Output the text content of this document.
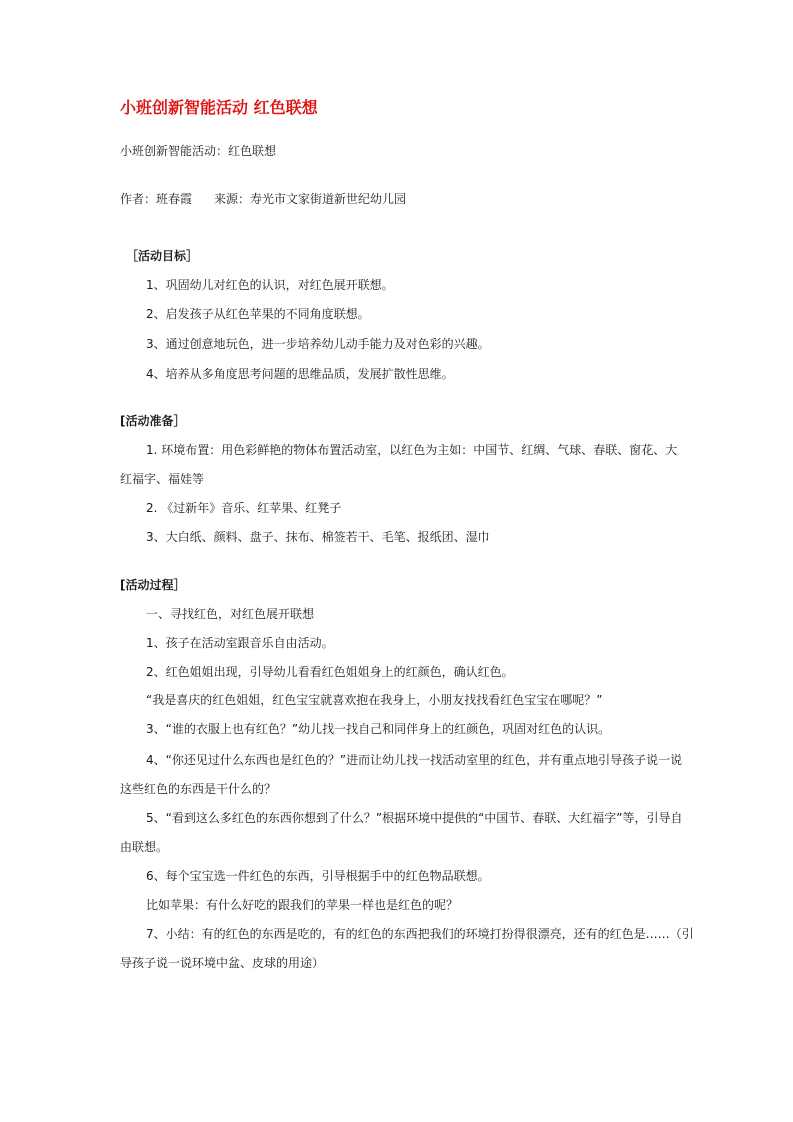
小班创新智能活动 红色联想
小班创新智能活动：红色联想
作者：班春霞 来源：寿光市文家街道新世纪幼儿园
［活动目标］
1、巩固幼儿对红色的认识，对红色展开联想。
2、启发孩子从红色苹果的不同角度联想。
3、通过创意地玩色，进一步培养幼儿动手能力及对色彩的兴趣。
4、培养从多角度思考问题的思维品质，发展扩散性思维。
[活动准备］
1. 环境布置：用色彩鲜艳的物体布置活动室，以红色为主如：中国节、红绸、气球、春联、窗花、大
红福字、福娃等
2. 《过新年》音乐、红苹果、红凳子
3、大白纸、颜料、盘子、抹布、棉签若干、毛笔、报纸团、湿巾
[活动过程］
一、寻找红色，对红色展开联想
1、孩子在活动室跟音乐自由活动。
2、红色姐姐出现，引导幼儿看看红色姐姐身上的红颜色，确认红色。
“我是喜庆的红色姐姐，红色宝宝就喜欢抱在我身上，小朋友找找看红色宝宝在哪呢？”
3、“谁的衣服上也有红色？”幼儿找一找自己和同伴身上的红颜色，巩固对红色的认识。
4、“你还见过什么东西也是红色的？”进而让幼儿找一找活动室里的红色，并有重点地引导孩子说一说
这些红色的东西是干什么的？
5、“看到这么多红色的东西你想到了什么？”根据环境中提供的“中国节、春联、大红福字”等，引导自
由联想。
6、每个宝宝选一件红色的东西，引导根据手中的红色物品联想。
比如苹果：有什么好吃的跟我们的苹果一样也是红色的呢？
7、小结：有的红色的东西是吃的，有的红色的东西把我们的环境打扮得很漂亮，还有的红色是……（引
导孩子说一说环境中盆、皮球的用途）
